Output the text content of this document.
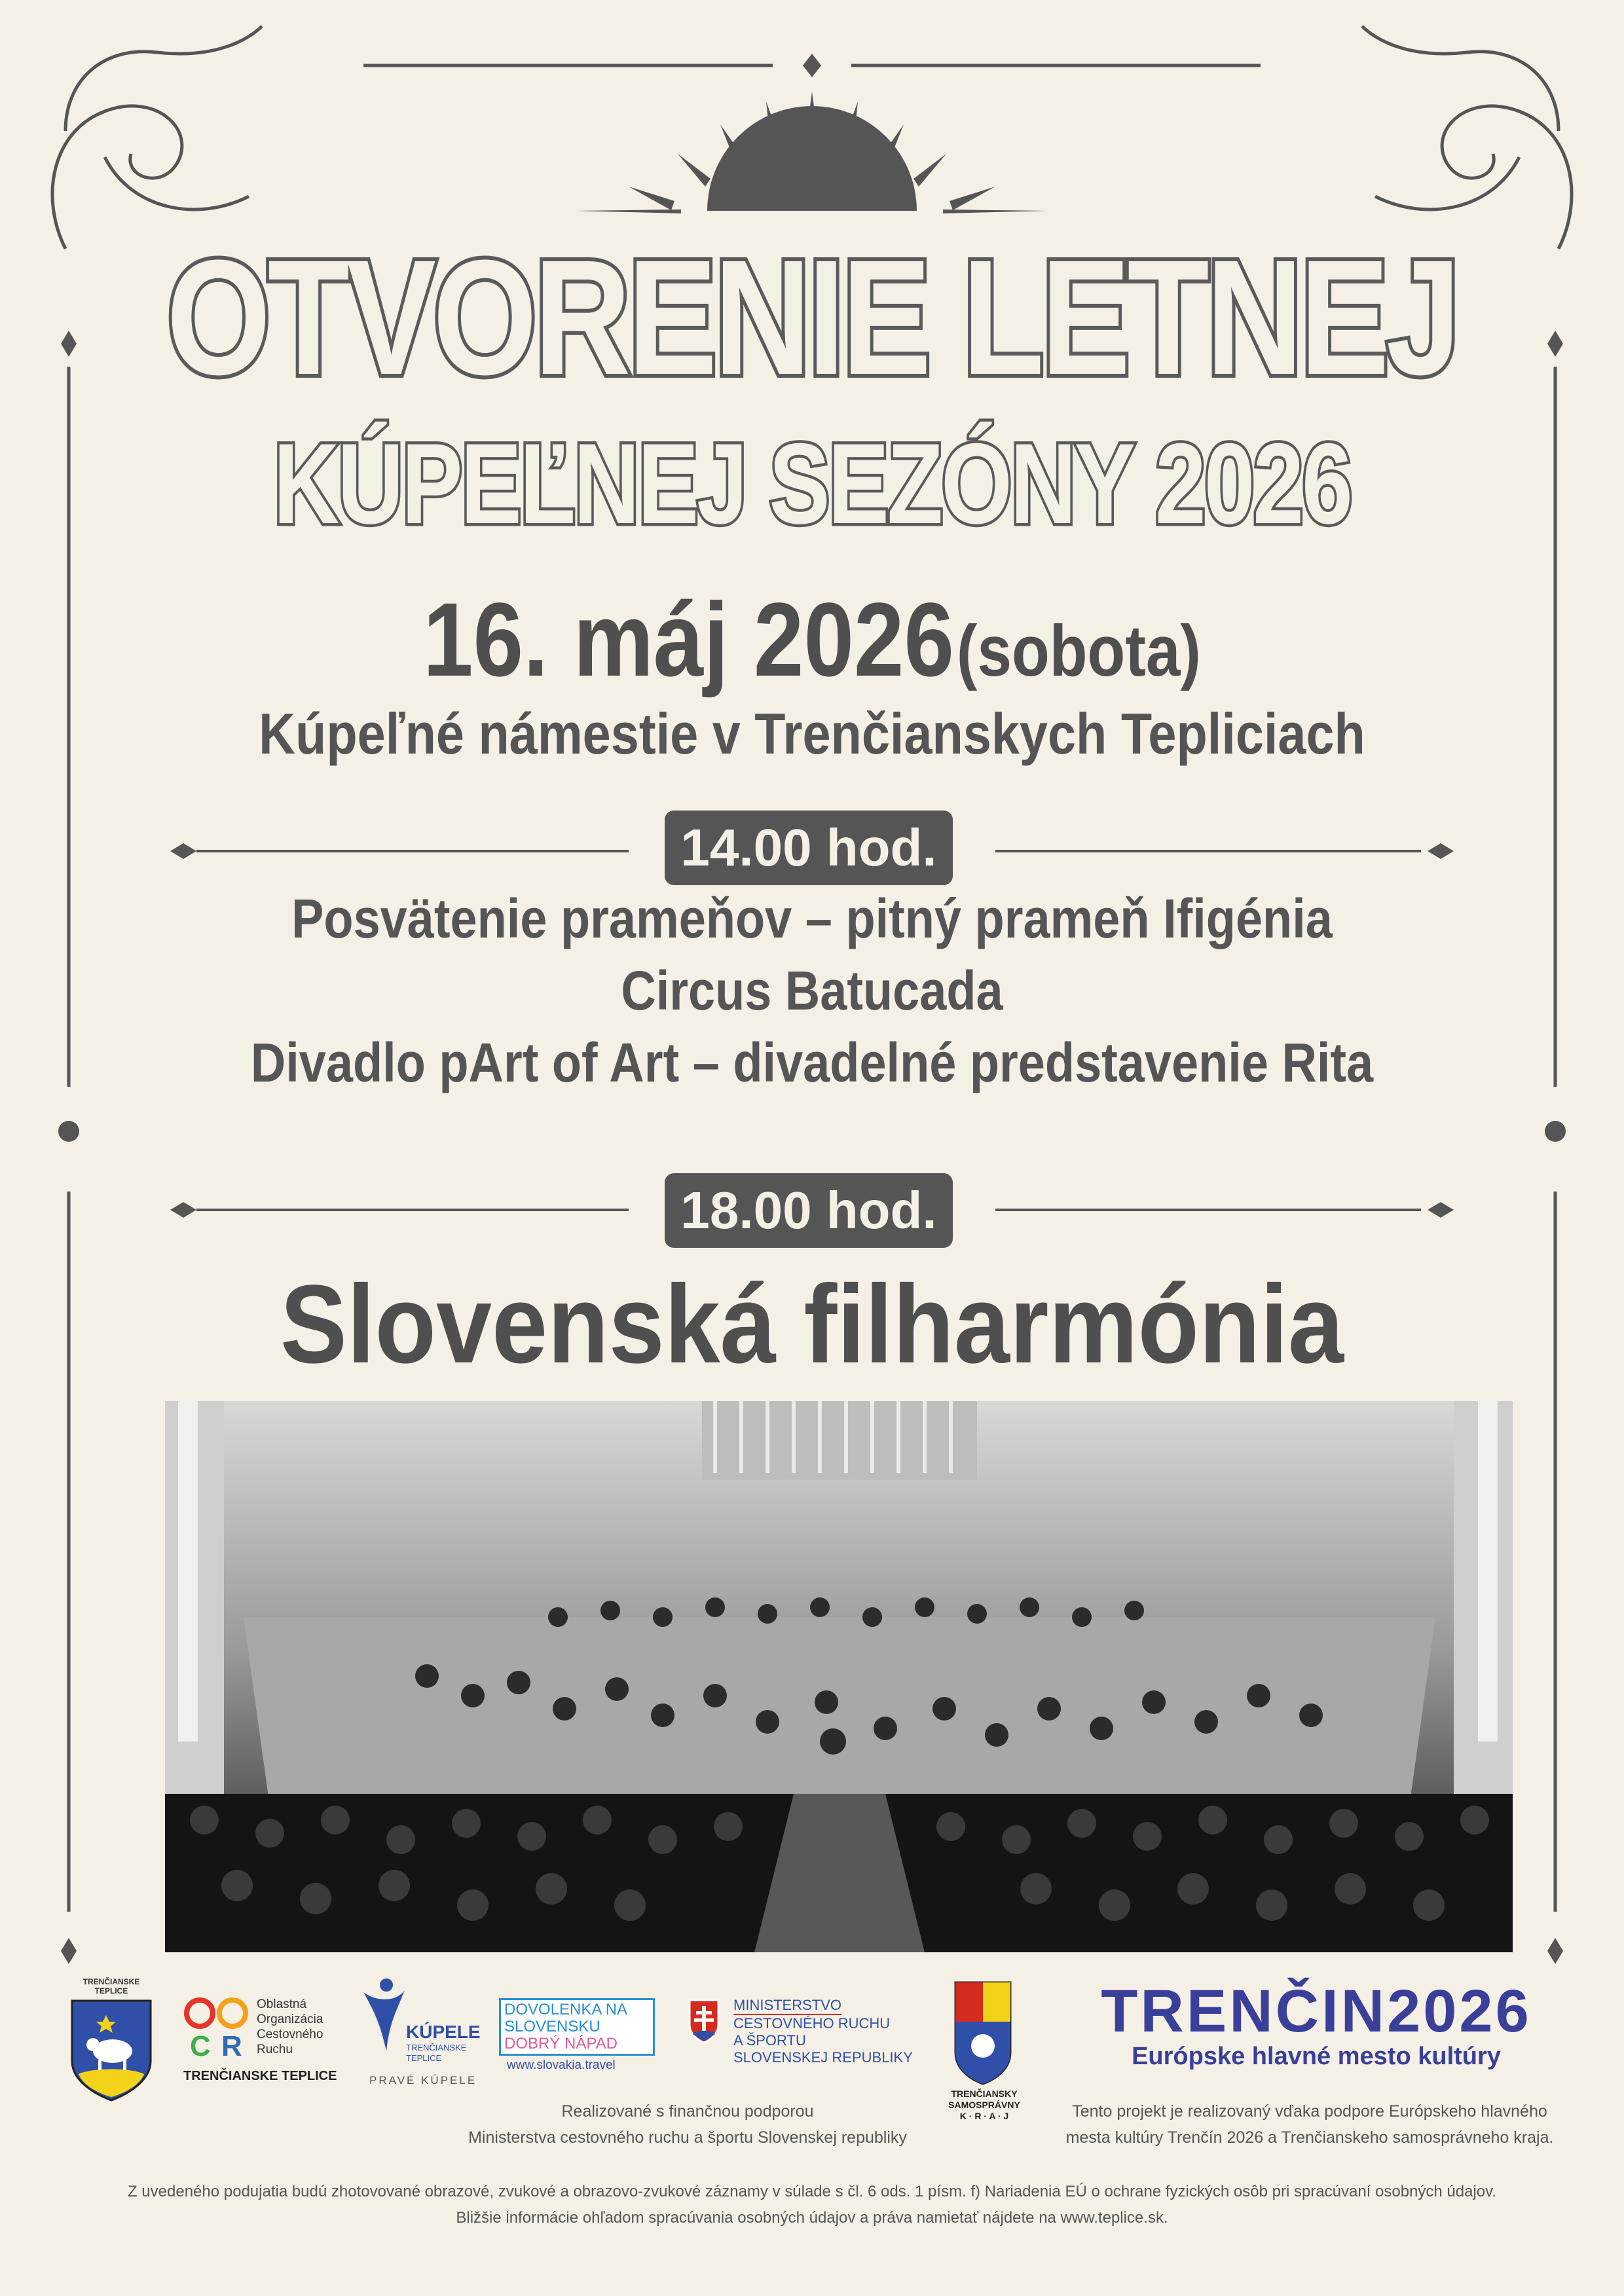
OTVORENIE LETNEJ
KÚPEĽNEJ SEZÓNY 2026
16. máj 2026 (sobota)
Kúpeľné námestie v Trenčianskych Tepliciach
14.00 hod.
Posvätenie prameňov – pitný prameň Ifigénia
Circus Batucada
Divadlo pArt of Art – divadelné predstavenie Rita
18.00 hod.
Slovenská filharmónia
TRENČIANSKE TEPLICE
C R
Oblastná
Organizácia
Cestovného
Ruchu
TRENČIANSKE TEPLICE
KÚPELE
TRENČIANSKE
TEPLICE
PRAVÉ KÚPELE
DOVOLENKA NA
SLOVENSKU
DOBRÝ NÁPAD
www.slovakia.travel
MINISTERSTVO
CESTOVNÉHO RUCHU
A ŠPORTU
SLOVENSKEJ REPUBLIKY
TRENČIANSKY
SAMOSPRÁVNY
K · R · A · J
TRENČIN2026
Európske hlavné mesto kultúry
Realizované s finančnou podporou
Ministerstva cestovného ruchu a športu Slovenskej republiky
Tento projekt je realizovaný vďaka podpore Európskeho hlavného
mesta kultúry Trenčín 2026 a Trenčianskeho samosprávneho kraja.
Z uvedeného podujatia budú zhotovované obrazové, zvukové a obrazovo-zvukové záznamy v súlade s čl. 6 ods. 1 písm. f) Nariadenia EÚ o ochrane fyzických osôb pri spracúvaní osobných údajov.
Bližšie informácie ohľadom spracúvania osobných údajov a práva namietať nájdete na www.teplice.sk.
